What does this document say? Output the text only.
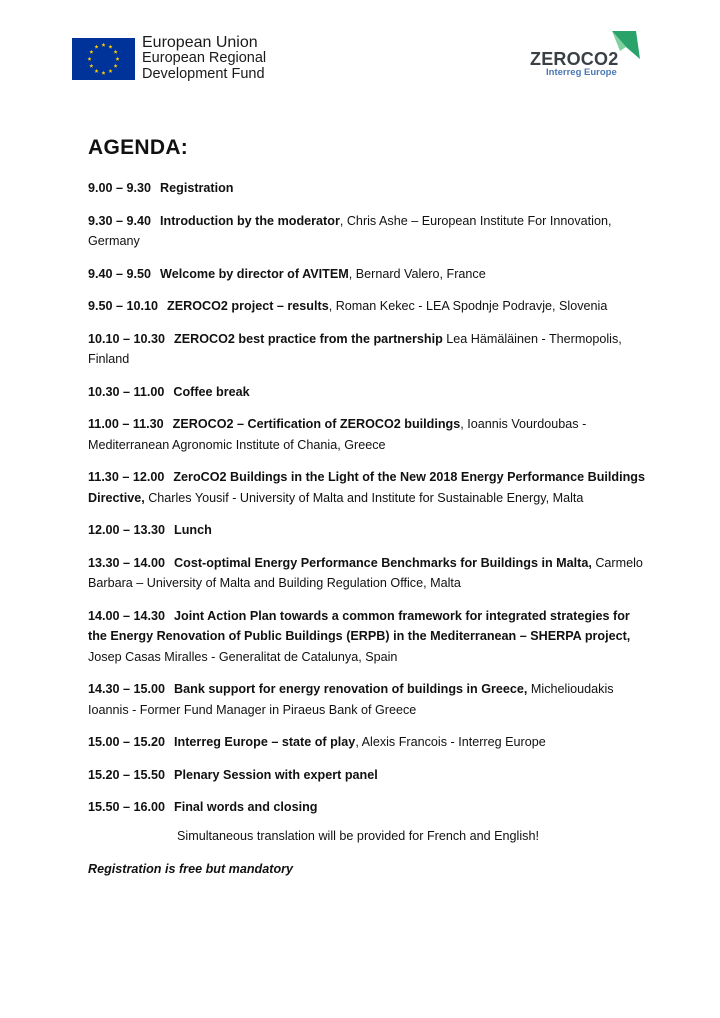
European Union
European Regional
Development Fund
ZEROCO2
Interreg Europe
AGENDA:
9.00 – 9.30 Registration
9.30 – 9.40 Introduction by the moderator, Chris Ashe – European Institute For Innovation, Germany
9.40 – 9.50 Welcome by director of AVITEM, Bernard Valero, France
9.50 – 10.10 ZEROCO2 project – results, Roman Kekec - LEA Spodnje Podravje, Slovenia
10.10 – 10.30 ZEROCO2 best practice from the partnership Lea Hämäläinen - Thermopolis, Finland
10.30 – 11.00 Coffee break
11.00 – 11.30 ZEROCO2 – Certification of ZEROCO2 buildings, Ioannis Vourdoubas - Mediterranean Agronomic Institute of Chania, Greece
11.30 – 12.00 ZeroCO2 Buildings in the Light of the New 2018 Energy Performance Buildings Directive, Charles Yousif - University of Malta and Institute for Sustainable Energy, Malta
12.00 – 13.30 Lunch
13.30 – 14.00 Cost-optimal Energy Performance Benchmarks for Buildings in Malta, Carmelo Barbara – University of Malta and Building Regulation Office, Malta
14.00 – 14.30 Joint Action Plan towards a common framework for integrated strategies for the Energy Renovation of Public Buildings (ERPB) in the Mediterranean – SHERPA project, Josep Casas Miralles - Generalitat de Catalunya, Spain
14.30 – 15.00 Bank support for energy renovation of buildings in Greece, Michelioudakis Ioannis - Former Fund Manager in Piraeus Bank of Greece
15.00 – 15.20 Interreg Europe – state of play, Alexis Francois - Interreg Europe
15.20 – 15.50 Plenary Session with expert panel
15.50 – 16.00 Final words and closing
Simultaneous translation will be provided for French and English!
Registration is free but mandatory
